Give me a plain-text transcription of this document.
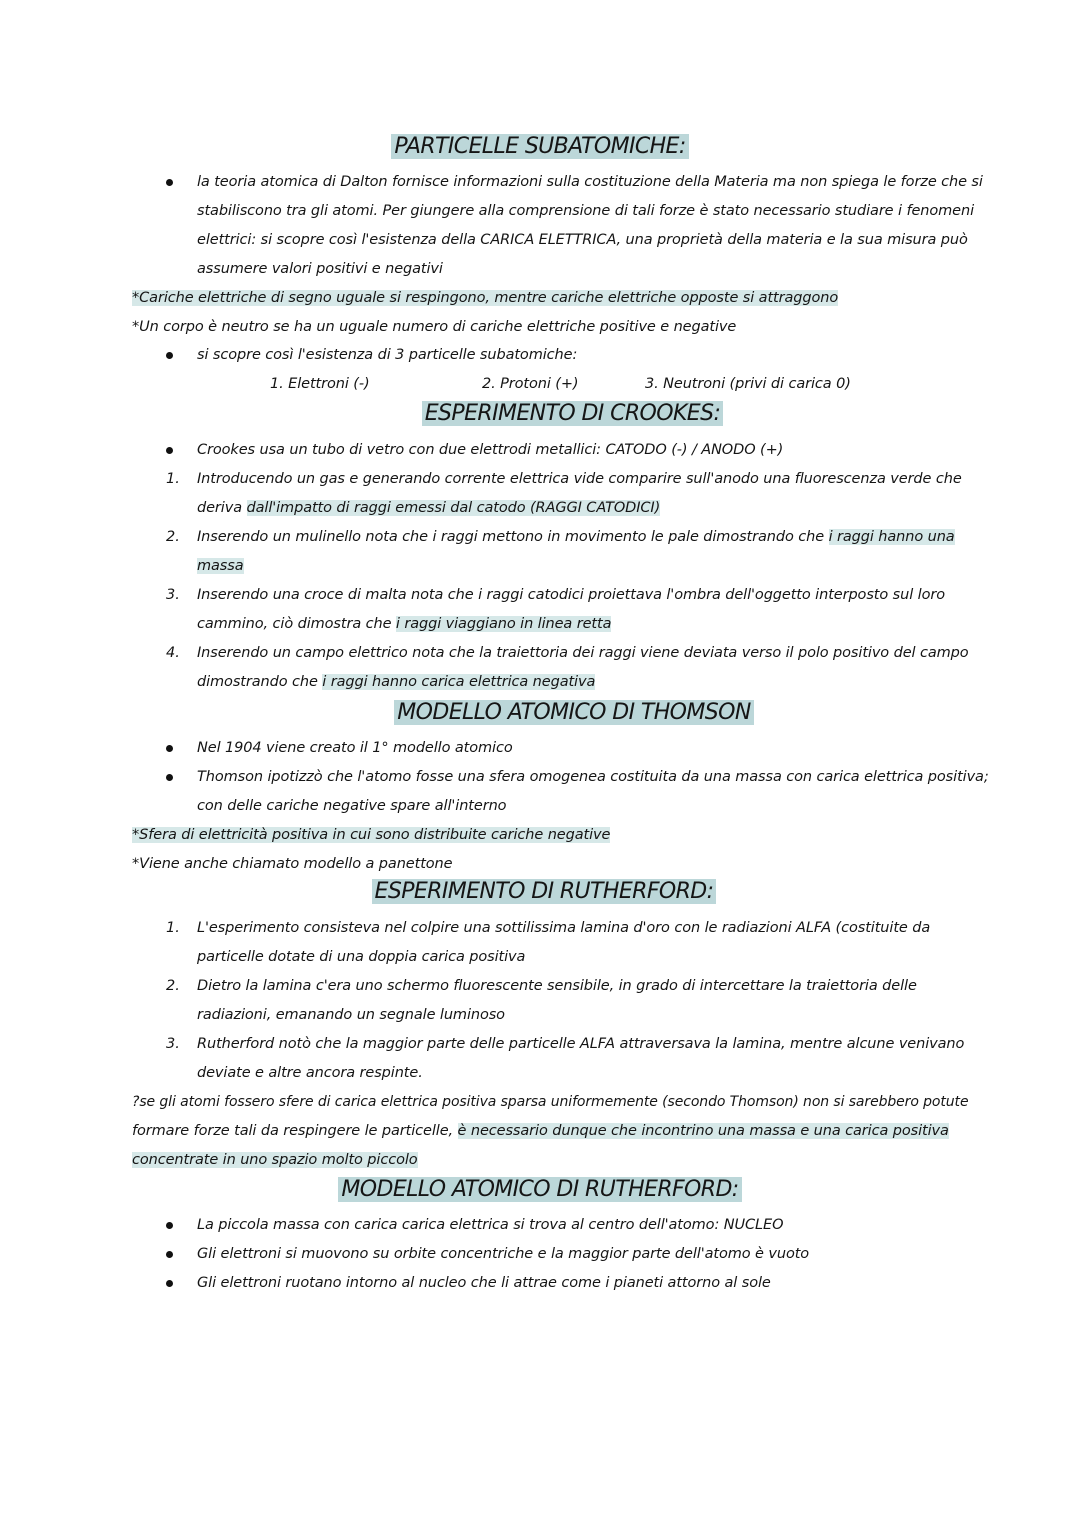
PARTICELLE SUBATOMICHE:
la teoria atomica di Dalton fornisce informazioni sulla costituzione della Materia ma non spiega le forze che si
stabiliscono tra gli atomi. Per giungere alla comprensione di tali forze è stato necessario studiare i fenomeni
elettrici: si scopre così l'esistenza della CARICA ELETTRICA, una proprietà della materia e la sua misura può
assumere valori positivi e negativi
*Cariche elettriche di segno uguale si respingono, mentre cariche elettriche opposte si attraggono
*Un corpo è neutro se ha un uguale numero di cariche elettriche positive e negative
si scopre così l'esistenza di 3 particelle subatomiche:
1. Elettroni (-)	2. Protoni (+)	3. Neutroni (privi di carica 0)
ESPERIMENTO DI CROOKES:
Crookes usa un tubo di vetro con due elettrodi metallici: CATODO (-) / ANODO (+)
1. Introducendo un gas e generando corrente elettrica vide comparire sull'anodo una fluorescenza verde che
deriva dall'impatto di raggi emessi dal catodo (RAGGI CATODICI)
2. Inserendo un mulinello nota che i raggi mettono in movimento le pale dimostrando che i raggi hanno una
massa
3. Inserendo una croce di malta nota che i raggi catodici proiettava l'ombra dell'oggetto interposto sul loro
cammino, ciò dimostra che i raggi viaggiano in linea retta
4. Inserendo un campo elettrico nota che la traiettoria dei raggi viene deviata verso il polo positivo del campo
dimostrando che i raggi hanno carica elettrica negativa
MODELLO ATOMICO DI THOMSON
Nel 1904 viene creato il 1° modello atomico
Thomson ipotizzò che l'atomo fosse una sfera omogenea costituita da una massa con carica elettrica positiva;
con delle cariche negative spare all'interno
*Sfera di elettricità positiva in cui sono distribuite cariche negative
*Viene anche chiamato modello a panettone
ESPERIMENTO DI RUTHERFORD:
1. L'esperimento consisteva nel colpire una sottilissima lamina d'oro con le radiazioni ALFA (costituite da
particelle dotate di una doppia carica positiva
2. Dietro la lamina c'era uno schermo fluorescente sensibile, in grado di intercettare la traiettoria delle
radiazioni, emanando un segnale luminoso
3. Rutherford notò che la maggior parte delle particelle ALFA attraversava la lamina, mentre alcune venivano
deviate e altre ancora respinte.
?se gli atomi fossero sfere di carica elettrica positiva sparsa uniformemente (secondo Thomson) non si sarebbero potute
formare forze tali da respingere le particelle, è necessario dunque che incontrino una massa e una carica positiva
concentrate in uno spazio molto piccolo
MODELLO ATOMICO DI RUTHERFORD:
La piccola massa con carica carica elettrica si trova al centro dell'atomo: NUCLEO
Gli elettroni si muovono su orbite concentriche e la maggior parte dell'atomo è vuoto
Gli elettroni ruotano intorno al nucleo che li attrae come i pianeti attorno al sole
